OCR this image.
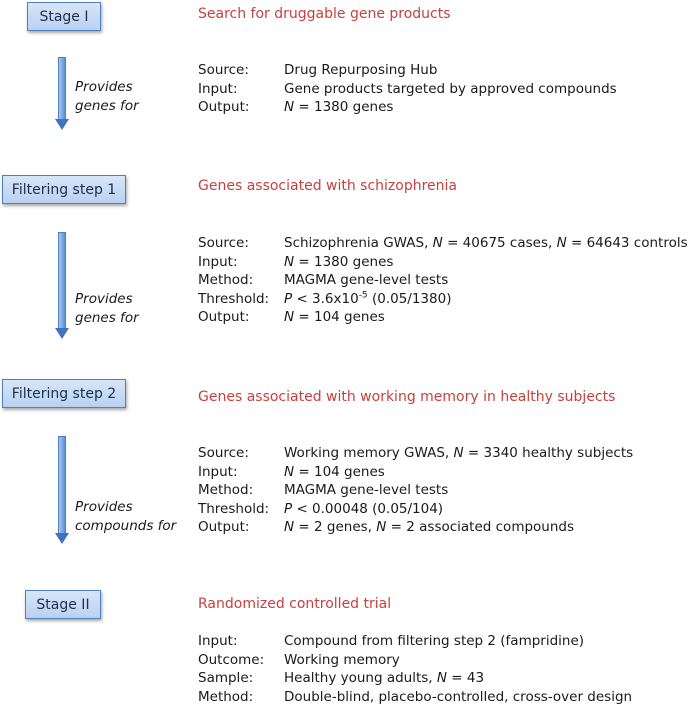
Stage I	Search for druggable gene products
Provides
genes for
Source:	Drug Repurposing Hub
Input:	Gene products targeted by approved compounds
Output:	N = 1380 genes
Filtering step 1	Genes associated with schizophrenia
Provides
genes for
Source:	Schizophrenia GWAS, N = 40675 cases, N = 64643 controls
Input:	N = 1380 genes
Method:	MAGMA gene-level tests
Threshold:	$P < 3.6x10^{-5}$ (0.05/1380)
Output:	N = 104 genes
Filtering step 2	Genes associated with working memory in healthy subjects
Provides
compounds for
Source:	Working memory GWAS, N = 3340 healthy subjects
Input:	N = 104 genes
Method:	MAGMA gene-level tests
Threshold:	P < 0.00048 (0.05/104)
Output:	N = 2 genes, N = 2 associated compounds
Stage II	Randomized controlled trial
Input:	Compound from filtering step 2 (fampridine)
Outcome:	Working memory
Sample:	Healthy young adults, N = 43
Method:	Double-blind, placebo-controlled, cross-over design
